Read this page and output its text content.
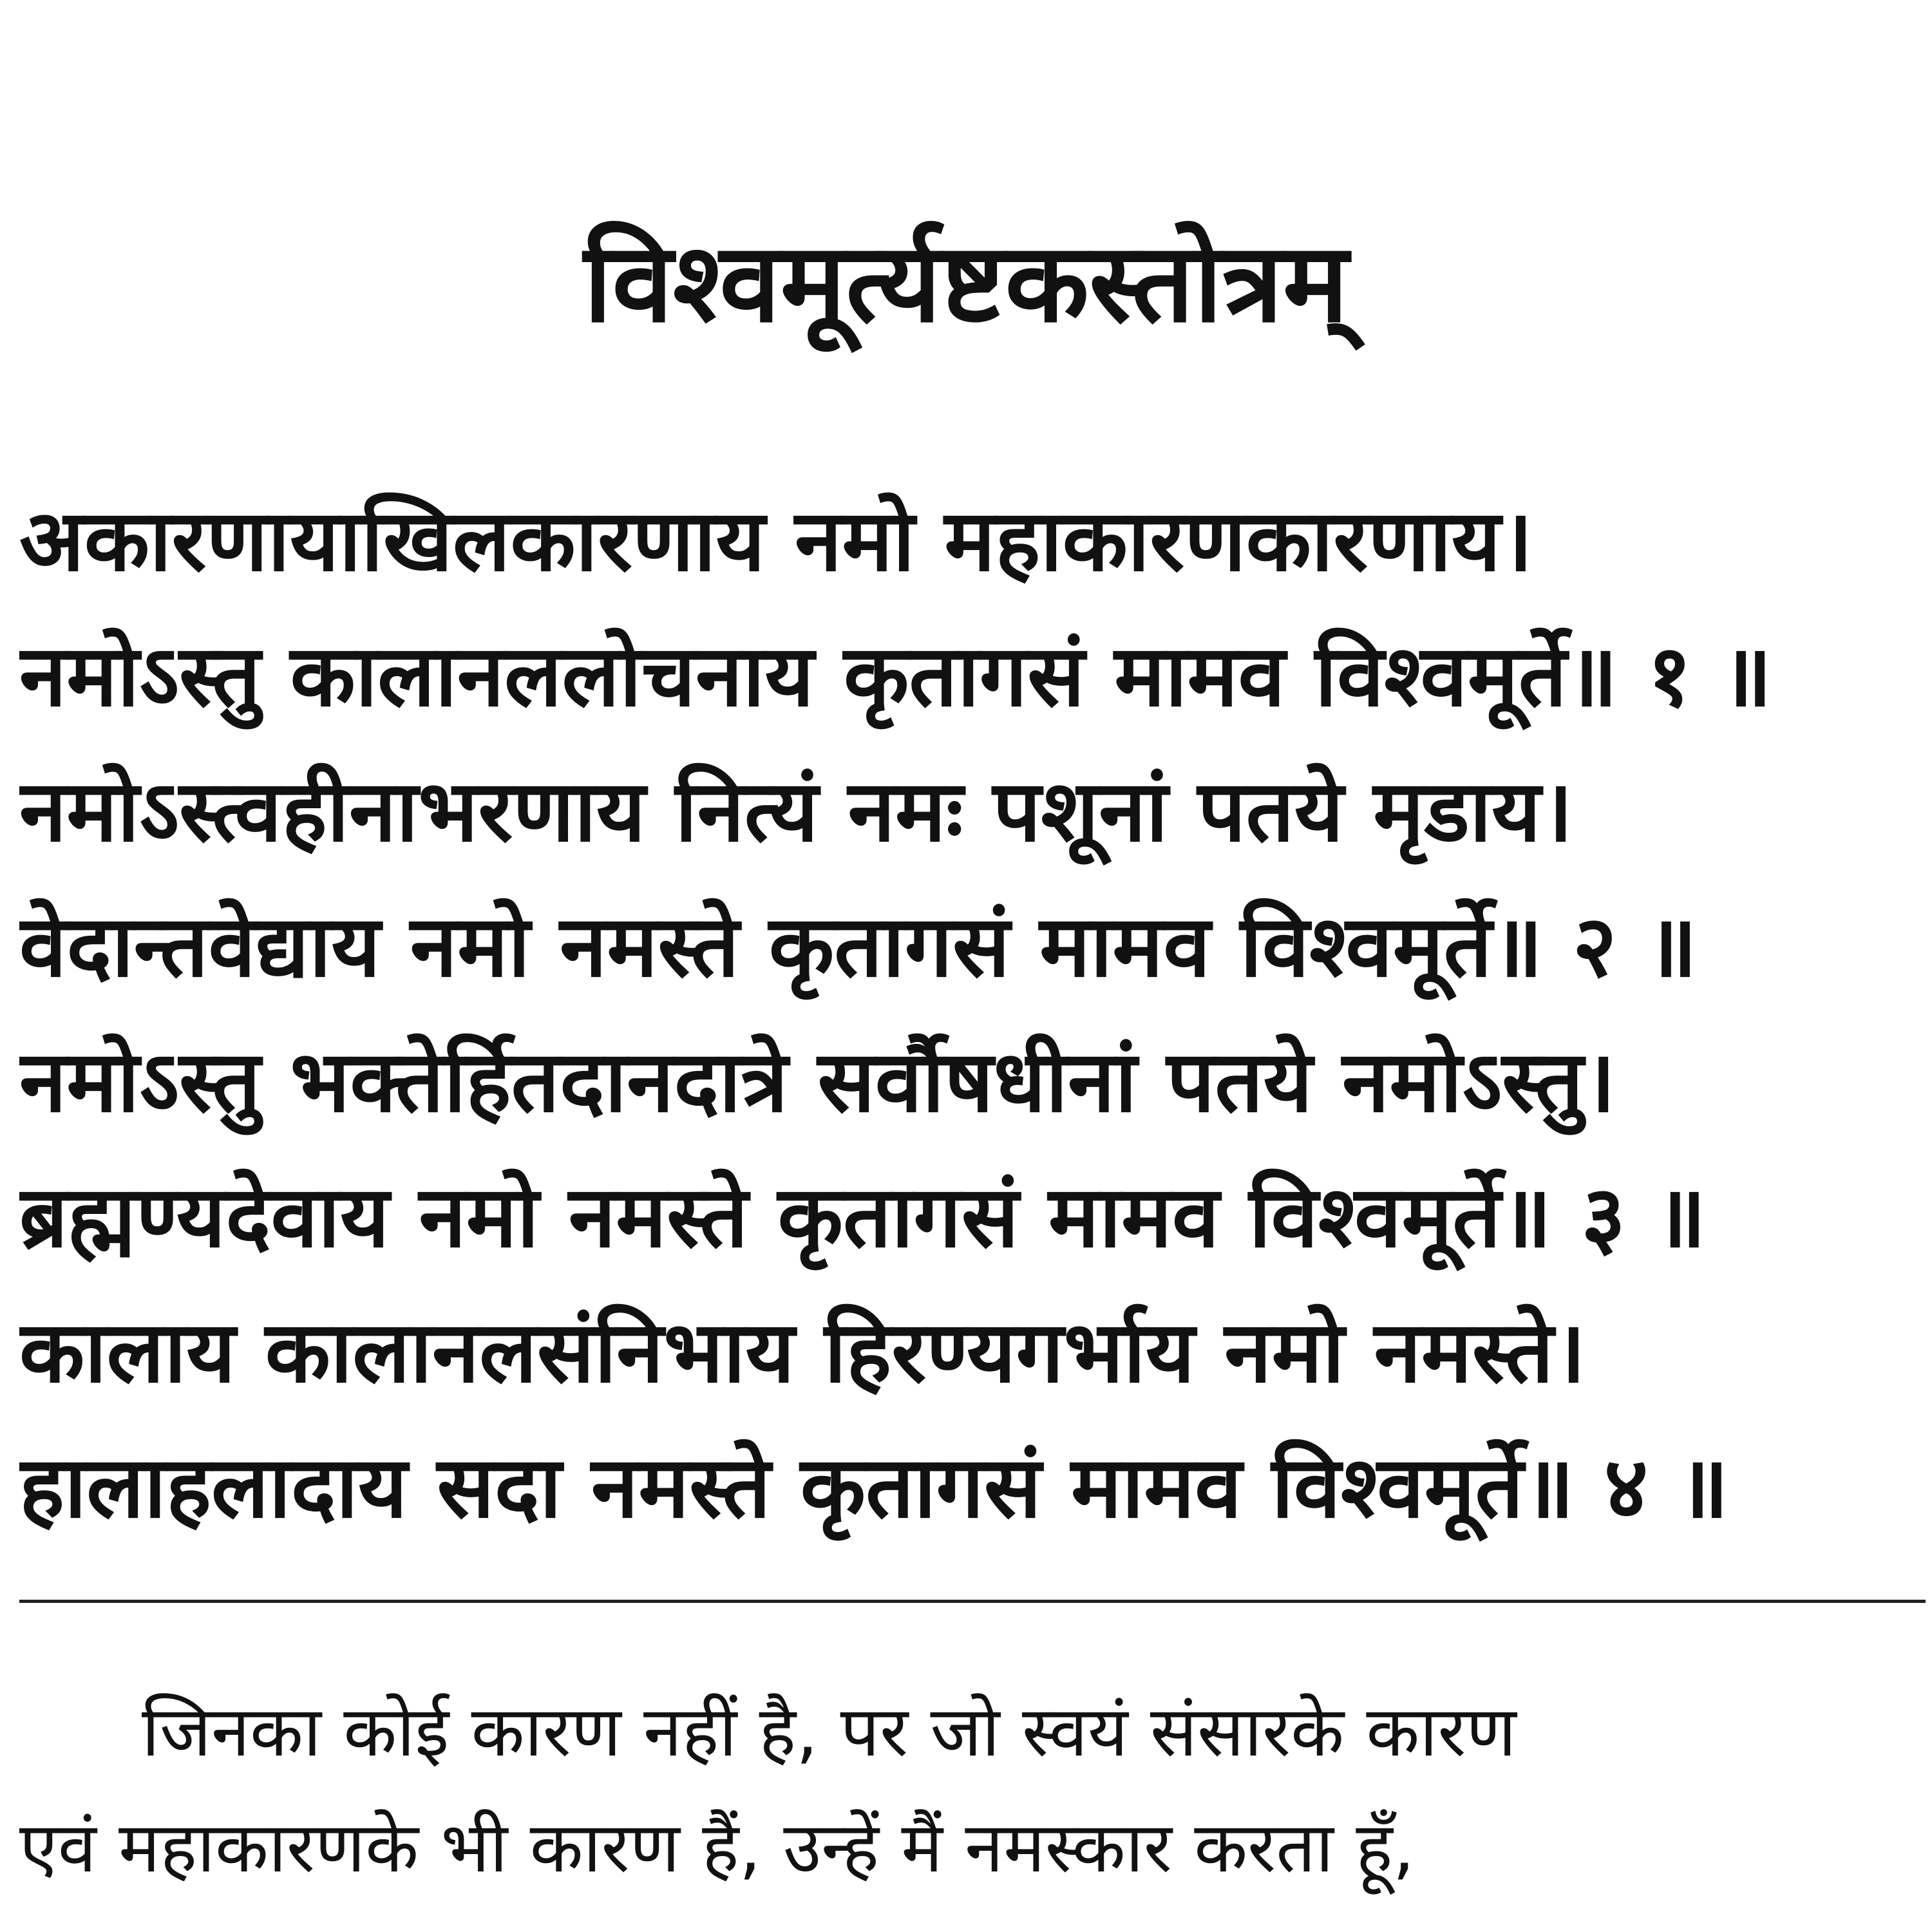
विश्वमूर्त्यष्टकस्तोत्रम्
अकारणायाखिलकारणाय नमो महाकारणकारणाय।
नमोऽस्तु कालानललोचनाय कृतागसं मामव विश्वमूर्ते॥ १ ॥
नमोऽस्त्वहीनाभरणाय नित्यं नमः पशूनां पतये मृडाय।
वेदान्तवेद्याय नमो नमस्ते कृतागसं मामव विश्वमूर्ते॥ २ ॥
नमोऽस्तु भक्तेर्हितदानदात्रे सर्वौषधीनां पतये नमोऽस्तु।
ब्रह्मण्यदेवाय नमो नमस्ते कृतागसं मामव विश्वमूर्ते॥ ३ ॥
कालाय कालानलसंनिभाय हिरण्यगर्भाय नमो नमस्ते।
हालाहलादाय सदा नमस्ते कृतागसं मामव विश्वमूर्ते॥ ४ ॥
जिनका कोई कारण नहीं है, पर जो स्वयं संसारके कारण
एवं महाकारणके भी कारण हैं, उन्हें मैं नमस्कार करता हूँ,
